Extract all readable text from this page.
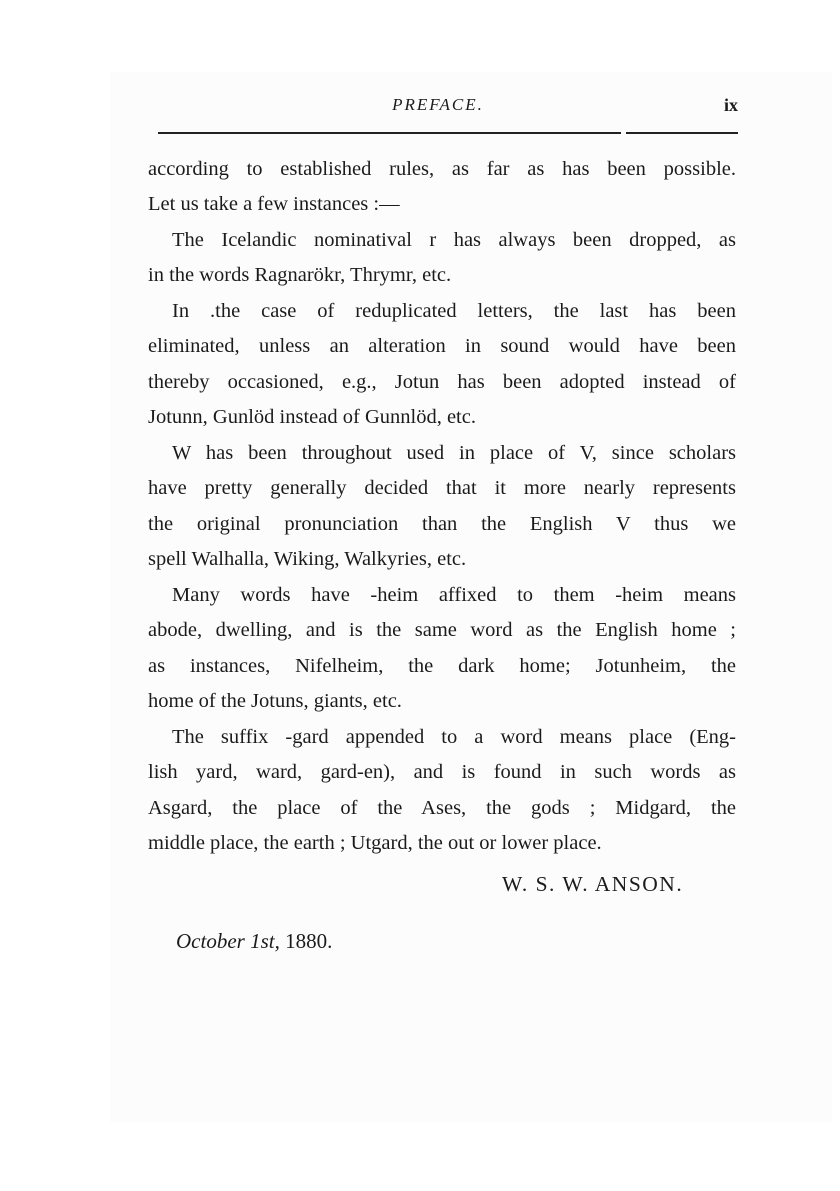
PREFACE.	ix
according to established rules, as far as has been possible.
Let us take a few instances :—
The Icelandic nominatival r has always been dropped, as
in the words Ragnarökr, Thrymr, etc.
In .the case of reduplicated letters, the last has been
eliminated, unless an alteration in sound would have been
thereby occasioned, e.g., Jotun has been adopted instead of
Jotunn, Gunlöd instead of Gunnlöd, etc.
W has been throughout used in place of V, since scholars
have pretty generally decided that it more nearly represents
the original pronunciation than the English V thus we
spell Walhalla, Wiking, Walkyries, etc.
Many words have -heim affixed to them -heim means
abode, dwelling, and is the same word as the English home ;
as instances, Nifelheim, the dark home; Jotunheim, the
home of the Jotuns, giants, etc.
The suffix -gard appended to a word means place (Eng-
lish yard, ward, gard-en), and is found in such words as
Asgard, the place of the Ases, the gods ; Midgard, the
middle place, the earth ; Utgard, the out or lower place.
W. S. W. ANSON.
October 1st, 1880.
